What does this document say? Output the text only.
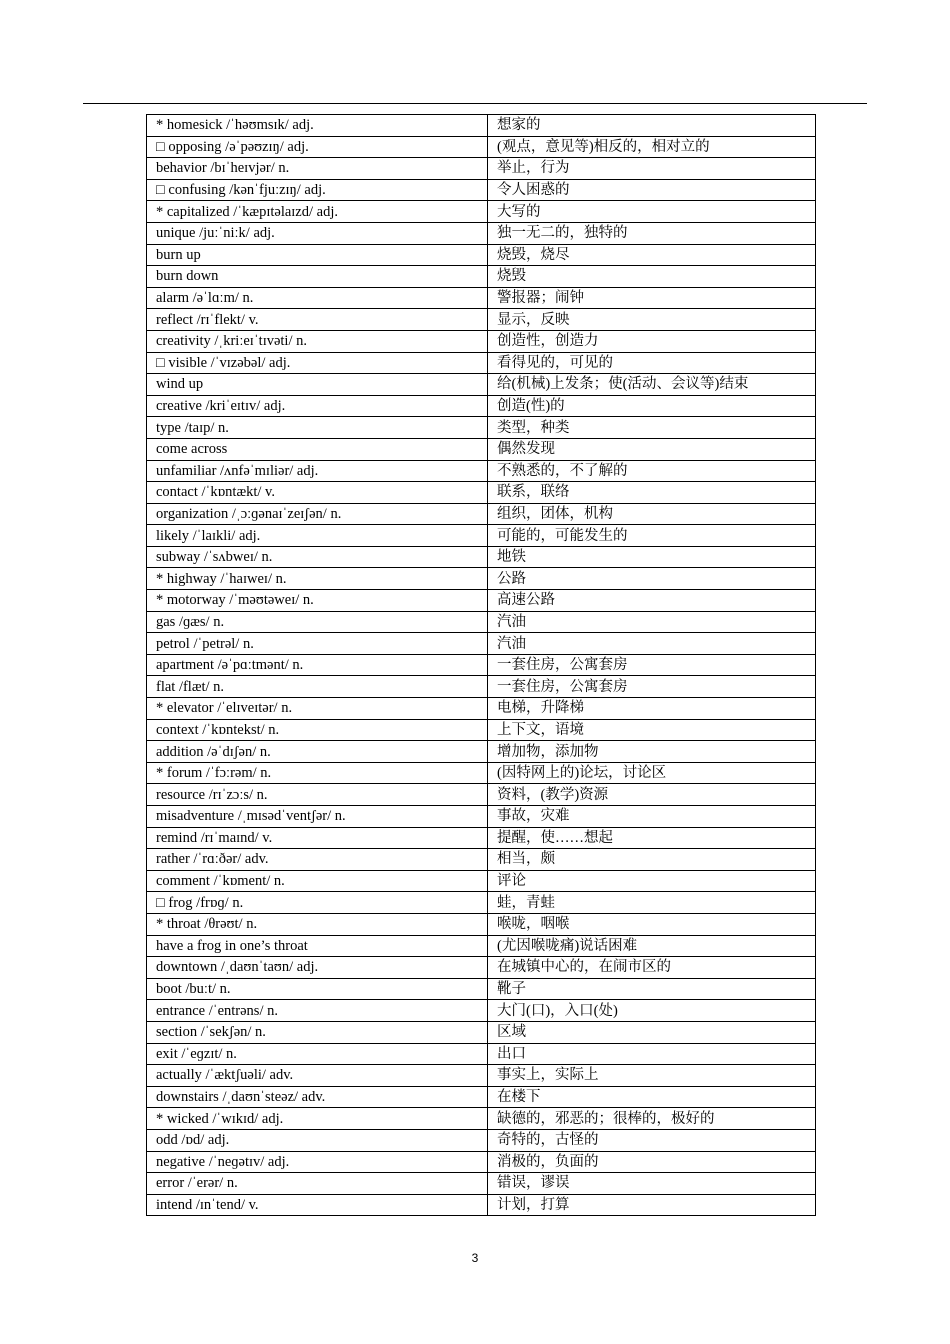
* homesick /ˈhəʊmsɪk/ adj.	想家的
□ opposing /əˈpəʊzɪŋ/ adj.	(观点，意见等)相反的，相对立的
behavior /bɪˈheɪvjər/ n.	举止，行为
□ confusing /kənˈfjuːzɪŋ/ adj.	令人困惑的
* capitalized /ˈkæpɪtəlaɪzd/ adj.	大写的
unique /juːˈniːk/ adj.	独一无二的，独特的
burn up	烧毁，烧尽
burn down	烧毁
alarm /əˈlɑːm/ n.	警报器；闹钟
reflect /rɪˈflekt/ v.	显示，反映
creativity /ˌkriːeɪˈtɪvəti/ n.	创造性，创造力
□ visible /ˈvɪzəbəl/ adj.	看得见的，可见的
wind up	给(机械)上发条；使(活动、会议等)结束
creative /kriˈeɪtɪv/ adj.	创造(性)的
type /taɪp/ n.	类型，种类
come across	偶然发现
unfamiliar /ʌnfəˈmɪliər/ adj.	不熟悉的，不了解的
contact /ˈkɒntækt/ v.	联系，联络
organization /ˌɔːɡənaɪˈzeɪʃən/ n.	组织，团体，机构
likely /ˈlaɪkli/ adj.	可能的，可能发生的
subway /ˈsʌbweɪ/ n.	地铁
* highway /ˈhaɪweɪ/ n.	公路
* motorway /ˈməʊtəweɪ/ n.	高速公路
gas /ɡæs/ n.	汽油
petrol /ˈpetrəl/ n.	汽油
apartment /əˈpɑːtmənt/ n.	一套住房，公寓套房
flat /flæt/ n.	一套住房，公寓套房
* elevator /ˈelɪveɪtər/ n.	电梯，升降梯
context /ˈkɒntekst/ n.	上下文，语境
addition /əˈdɪʃən/ n.	增加物，添加物
* forum /ˈfɔːrəm/ n.	(因特网上的)论坛，讨论区
resource /rɪˈzɔːs/ n.	资料，(教学)资源
misadventure /ˌmɪsədˈventʃər/ n.	事故，灾难
remind /rɪˈmaɪnd/ v.	提醒，使……想起
rather /ˈrɑːðər/ adv.	相当，颇
comment /ˈkɒment/ n.	评论
□ frog /frɒɡ/ n.	蛙，青蛙
* throat /θrəʊt/ n.	喉咙，咽喉
have a frog in one’s throat	(尤因喉咙痛)说话困难
downtown /ˌdaʊnˈtaʊn/ adj.	在城镇中心的，在闹市区的
boot /buːt/ n.	靴子
entrance /ˈentrəns/ n.	大门(口)，入口(处)
section /ˈsekʃən/ n.	区域
exit /ˈeɡzɪt/ n.	出口
actually /ˈæktʃuəli/ adv.	事实上，实际上
downstairs /ˌdaʊnˈsteəz/ adv.	在楼下
* wicked /ˈwɪkɪd/ adj.	缺德的，邪恶的；很棒的，极好的
odd /ɒd/ adj.	奇特的，古怪的
negative /ˈneɡətɪv/ adj.	消极的，负面的
error /ˈerər/ n.	错误，谬误
intend /ɪnˈtend/ v.	计划，打算
3
